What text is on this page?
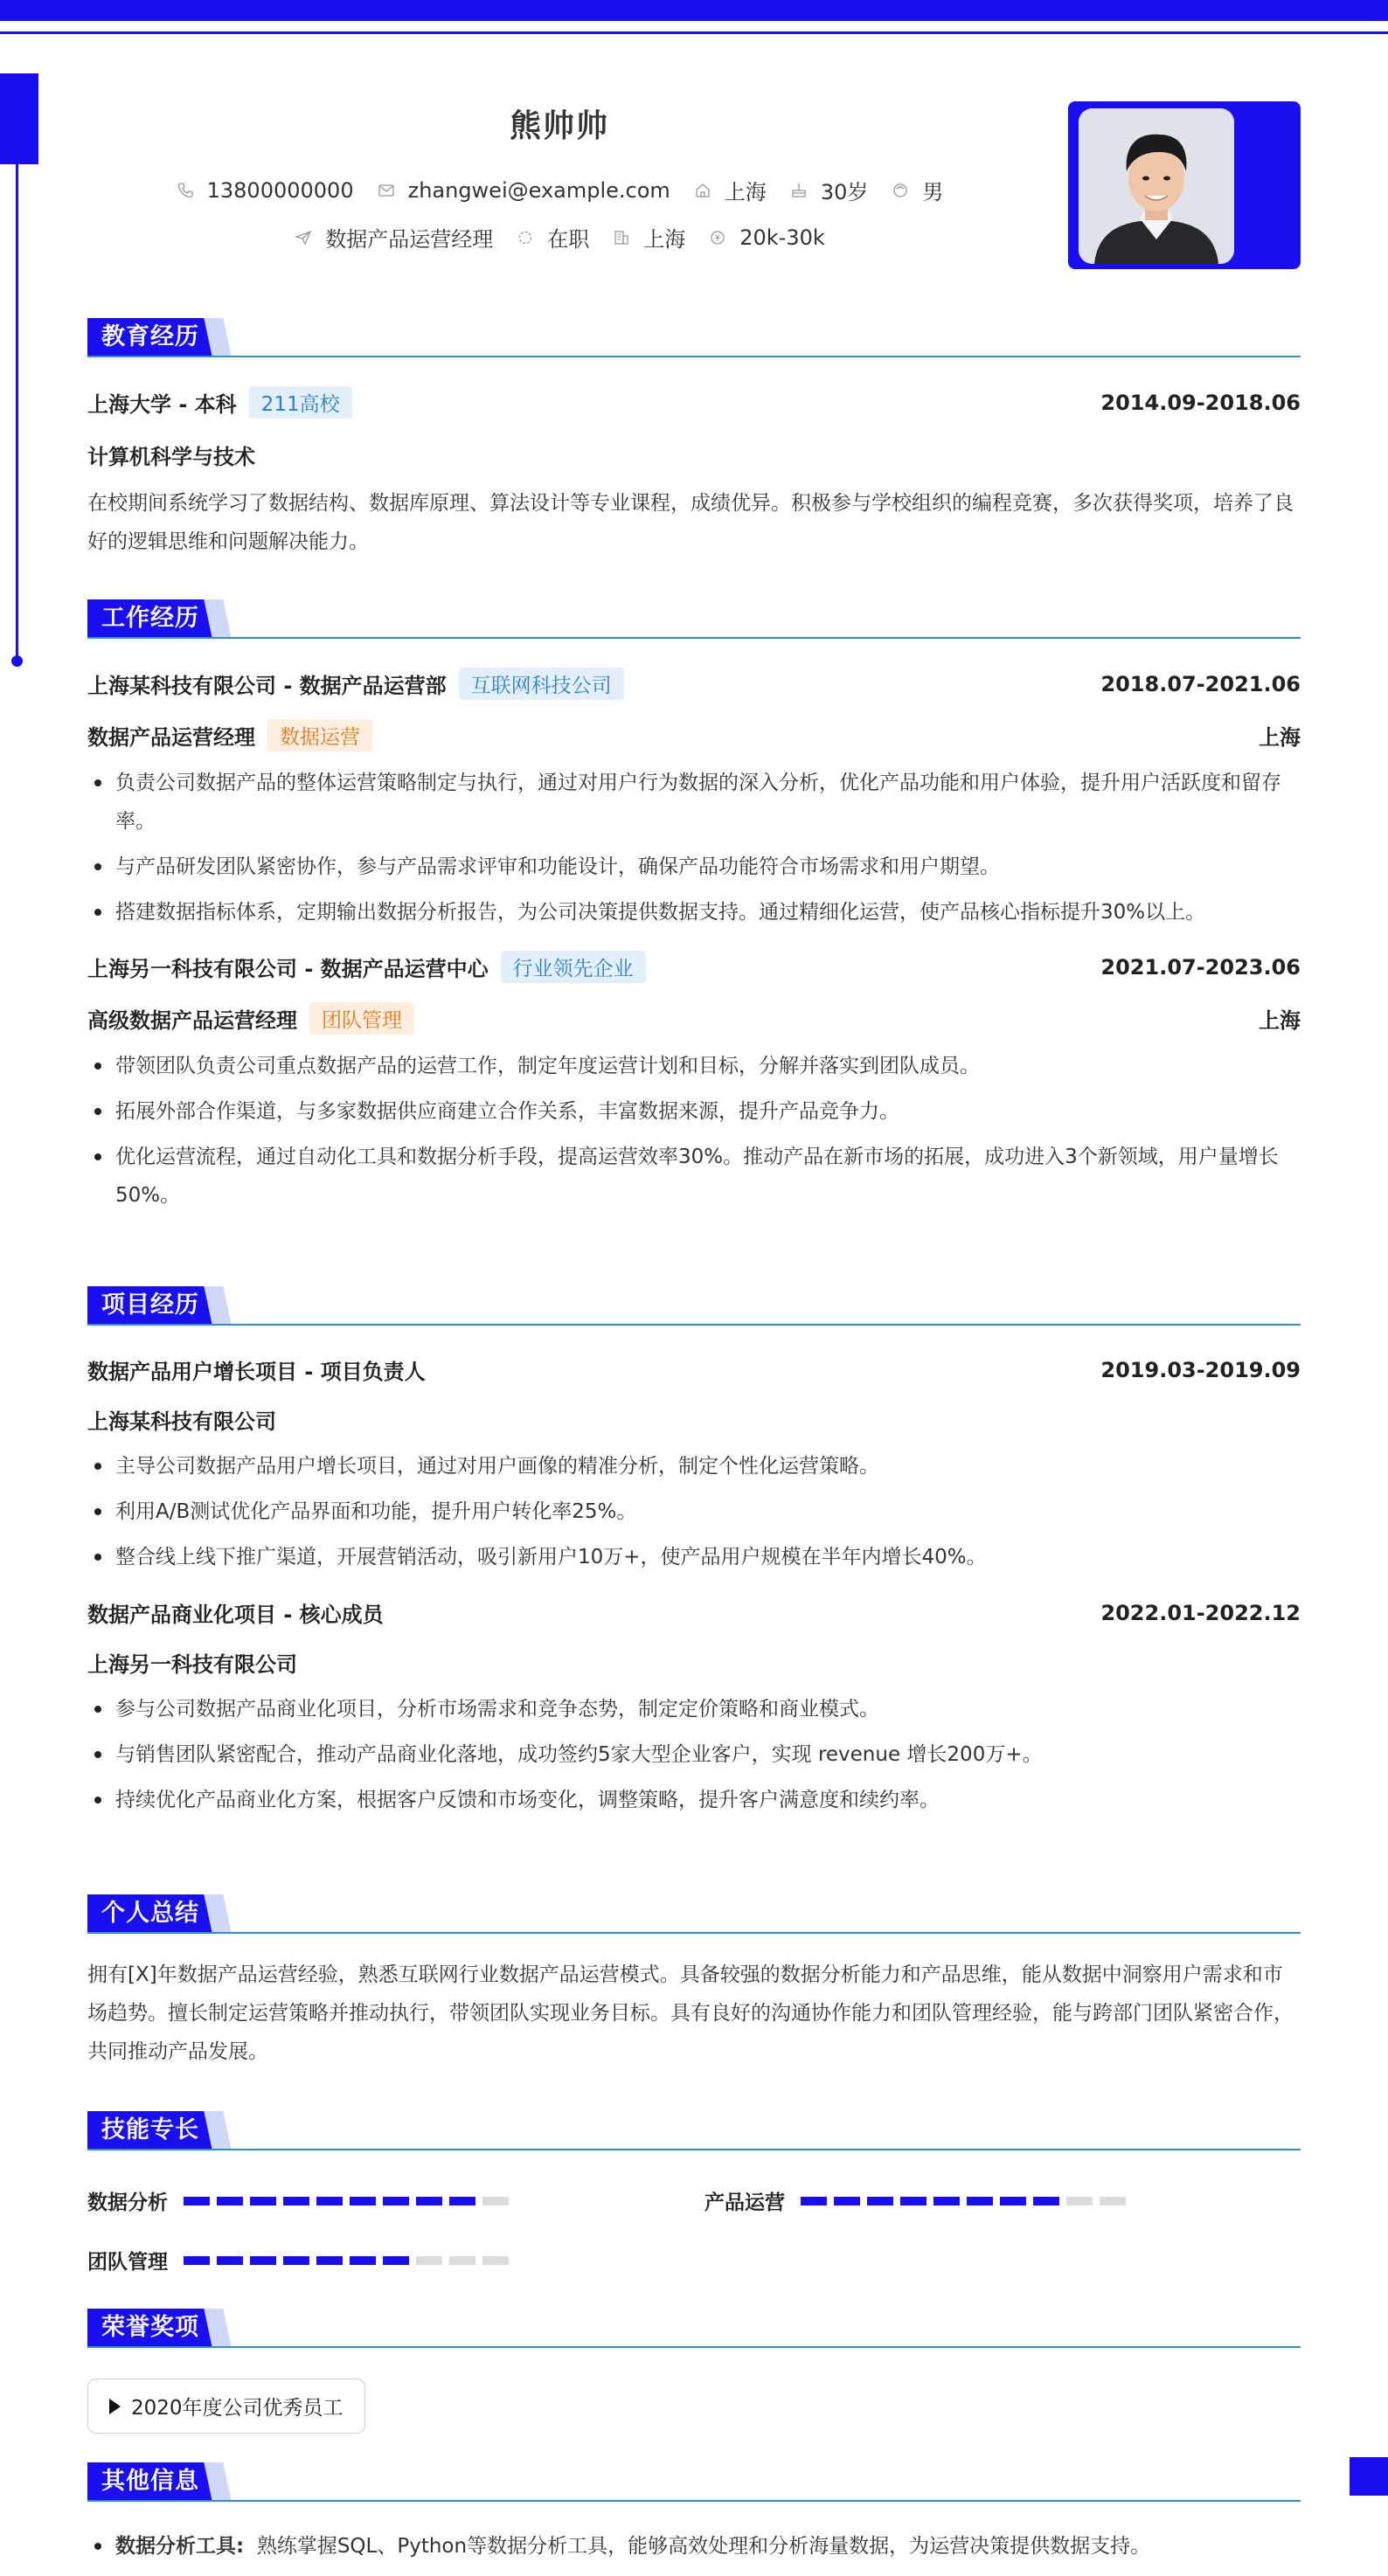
熊帅帅
13800000000	zhangwei@example.com	上海	30岁	男
数据产品运营经理	在职	上海	20k-30k
教育经历
上海大学 - 本科	211高校	2014.09-2018.06
计算机科学与技术

在校期间系统学习了数据结构、数据库原理、算法设计等专业课程，成绩优异。积极参与学校组织的编程竞赛，多次获得奖项，培养了良好的逻辑思维和问题解决能力。

工作经历
上海某科技有限公司 - 数据产品运营部	互联网科技公司	2018.07-2021.06
数据产品运营经理	数据运营	上海
负责公司数据产品的整体运营策略制定与执行，通过对用户行为数据的深入分析，优化产品功能和用户体验，提升用户活跃度和留存率。
与产品研发团队紧密协作，参与产品需求评审和功能设计，确保产品功能符合市场需求和用户期望。
搭建数据指标体系，定期输出数据分析报告，为公司决策提供数据支持。通过精细化运营，使产品核心指标提升30%以上。
上海另一科技有限公司 - 数据产品运营中心	行业领先企业	2021.07-2023.06
高级数据产品运营经理	团队管理	上海
带领团队负责公司重点数据产品的运营工作，制定年度运营计划和目标，分解并落实到团队成员。
拓展外部合作渠道，与多家数据供应商建立合作关系，丰富数据来源，提升产品竞争力。
优化运营流程，通过自动化工具和数据分析手段，提高运营效率30%。推动产品在新市场的拓展，成功进入3个新领域，用户量增长50%。
项目经历
数据产品用户增长项目 - 项目负责人	2019.03-2019.09
上海某科技有限公司
主导公司数据产品用户增长项目，通过对用户画像的精准分析，制定个性化运营策略。
利用A/B测试优化产品界面和功能，提升用户转化率25%。
整合线上线下推广渠道，开展营销活动，吸引新用户10万+，使产品用户规模在半年内增长40%。
数据产品商业化项目 - 核心成员	2022.01-2022.12
上海另一科技有限公司
参与公司数据产品商业化项目，分析市场需求和竞争态势，制定定价策略和商业模式。
与销售团队紧密配合，推动产品商业化落地，成功签约5家大型企业客户，实现 revenue 增长200万+。
持续优化产品商业化方案，根据客户反馈和市场变化，调整策略，提升客户满意度和续约率。
个人总结

拥有[X]年数据产品运营经验，熟悉互联网行业数据产品运营模式。具备较强的数据分析能力和产品思维，能从数据中洞察用户需求和市场趋势。擅长制定运营策略并推动执行，带领团队实现业务目标。具有良好的沟通协作能力和团队管理经验，能与跨部门团队紧密合作，共同推动产品发展。

技能专长
数据分析	产品运营
团队管理
荣誉奖项
2020年度公司优秀员工
其他信息
数据分析工具: 熟练掌握SQL、Python等数据分析工具，能够高效处理和分析海量数据，为运营决策提供数据支持。
